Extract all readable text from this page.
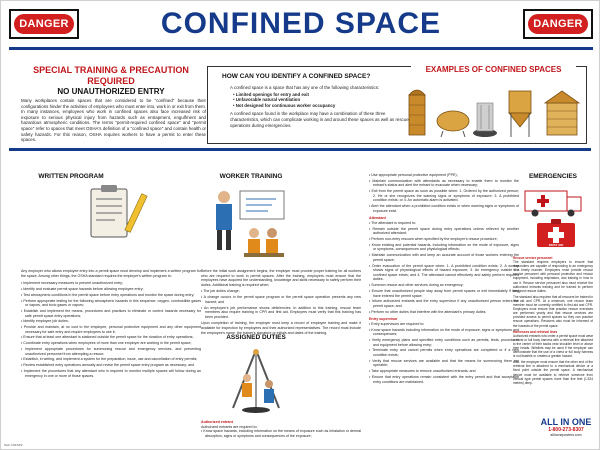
DANGER	CONFINED SPACE	DANGER
SPECIAL TRAINING & PRECAUTION REQUIRED
NO UNAUTHORIZED ENTRY

Many workplaces contain spaces that are considered to be "confined" because their configurations hinder the activities of employees who must enter into, work in or exit from them. In many instances, employees who work in confined spaces also face increased risk of exposure to serious physical injury from hazards such as entrapment, engulfment and hazardous atmospheric conditions. The terms "permit-required confined space" and "permit space" refer to spaces that meet OSHA's definition of a "confined space" and contain health or safety hazards. For this reason, OSHA requires workers to have a permit to enter these spaces.

HOW CAN YOU IDENTIFY A CONFINED SPACE?
A confined space is a space that has any one of the following characteristics:
• Limited openings for entry and exit
• Unfavorable natural ventilation
• Not designed for continuous worker occupancy
A confined space found in the workplace may have a combination of these three characteristics, which can complicate working in and around these spaces as well as rescue operations during emergencies.
EXAMPLES OF CONFINED SPACES
WRITTEN PROGRAM
Any employer who allows employee entry into a permit space must develop and implement a written program for the space. Among other things, the OSHA standard requires the employer's written program to:
• Implement necessary measures to prevent unauthorized entry;
• Identify and evaluate permit space hazards before allowing employee entry;
• Test atmospheric conditions in the permit space before entry operations and monitor the space during entry;
• Perform appropriate testing for the following atmospheric hazards in this sequence: oxygen, combustible gases or vapors, and toxic gases or vapors;
• Establish and implement the means, procedures and practices to eliminate or control hazards necessary for safe permit space entry operations;
• Identify employee job duties;
• Provide and maintain, at no cost to the employee, personal protective equipment and any other equipment necessary for safe entry and require employees to use it;
• Ensure that at least one attendant is stationed outside the permit space for the duration of entry operations;
• Coordinate entry operations when employees of more than one employer are working in the permit space;
• Implement appropriate procedures for summoning rescue and emergency services, and preventing unauthorized personnel from attempting a rescue;
• Establish, in writing, and implement a system for the preparation, issue, use and cancellation of entry permits;
• Review established entry operations annually and revise the permit space entry program as necessary; and
• Implement the procedures that any attendant who is required to monitor multiple spaces will follow during an emergency in one or more of those spaces.
WORKER TRAINING
Before the initial work assignment begins, the employer must provide proper training for all workers who are required to work in permit spaces. After the training, employers must ensure that the employees have acquired the understanding, knowledge and skills necessary to safely perform their duties. Additional training is required when:
• The job duties change;
• A change occurs in the permit space program or the permit space operation presents any new hazard; and
• An employee's job performance shows deficiencies. In addition to this training, rescue team members also require training in CPR and first aid. Employers must verify that this training has been provided.
Upon completion of training, the employer must keep a record of employee training and make it available for inspection by employees and their authorized representatives. The record must include the employee's name, the trainer's signature or initials and dates of the training.
ASSIGNED DUTIES
Authorized entrant
Authorized entrants are required to:
• Know space hazards, including information on the means of exposure such as inhalation or dermal absorption, signs or symptoms and consequences of the exposure;
• Use appropriate personal protective equipment (PPE);
• Maintain communication with attendants as necessary to enable them to monitor the entrant's status and alert the entrant to evacuate when necessary;
• Exit from the permit space as soon as possible when: 1. Ordered by the authorized person; 2. He or she recognizes the warning signs or symptoms of exposure; 3. A prohibited condition exists; or 4. An automatic alarm is activated.
• Alert the attendant when a prohibited condition exists or when warning signs or symptoms of exposure exist.
Attendant
• The attendant is required to:
• Remain outside the permit space during entry operations unless relieved by another authorized attendant;
• Perform non-entry rescues when specified by the employer's rescue procedure;
• Know existing and potential hazards, including information on the mode of exposure, signs or symptoms, consequences and physiological effects;
• Maintain communication with and keep an accurate account of those workers entering the permit space;
• Order evacuation of the permit space when: 1. A prohibited condition exists; 2. A worker shows signs of physiological effects of hazard exposure; 3. An emergency outside the confined space exists; and 4. The attendant cannot effectively and safely perform required duties.
• Summon rescue and other services during an emergency;
• Ensure that unauthorized people stay away from permit spaces or exit immediately if they have entered the permit space;
• Inform authorized entrants and the entry supervisor if any unauthorized person enters the permit space; and
• Perform no other duties that interfere with the attendant's primary duties.
Entry supervisor
• Entry supervisors are required to:
• Know space hazards including information on the mode of exposure, signs or symptoms and consequences;
• Verify emergency plans and specified entry conditions such as permits, tests, procedures and equipment before allowing entry;
• Terminate entry and cancel permits when entry operations are completed or if a new condition exists;
• Verify that rescue services are available and that the means for summoning them are operable;
• Take appropriate measures to remove unauthorized entrants; and
• Ensure that entry operations remain consistent with the entry permit and that acceptable entry conditions are maintained.
EMERGENCIES
FIRST AID
Rescue service personnel
The standard requires employers to ensure that responders are capable of responding to an emergency in a timely manner. Employers must provide rescue service personnel with personal protective and rescue equipment, including respirators, and training in how to use it. Rescue service personnel also must receive the authorized entrants training and be trained to perform assigned rescue duties.
The standard also requires that all rescuers be trained in first aid and CPR. At a minimum, one rescue team member must be currently certified in first aid and CPR. Employers must ensure that practice rescue exercises are performed yearly and that rescue services are provided access to permit spaces so they can practice rescue operations. Rescuers also must be informed of the hazards of the permit space.
Harnesses and retrieval lines
Authorized entrants who enter a permit space must wear a chest or full body harness with a retrieval line attached to the center of their backs near shoulder level or above their heads. Wristlets may be used if the employer can demonstrate that the use of a chest or full body harness is not feasible or creates a greater hazard.
Also, the employer must ensure that the other end of the retrieval line is attached to a mechanical device or a fixed point outside the permit space. A mechanical device must be available to retrieve someone from vertical type permit spaces more than five feet (1.524 meters) deep.
ALL IN ONE
1-800-273-8307
allinoneposters.com
SAF CNFSP2
